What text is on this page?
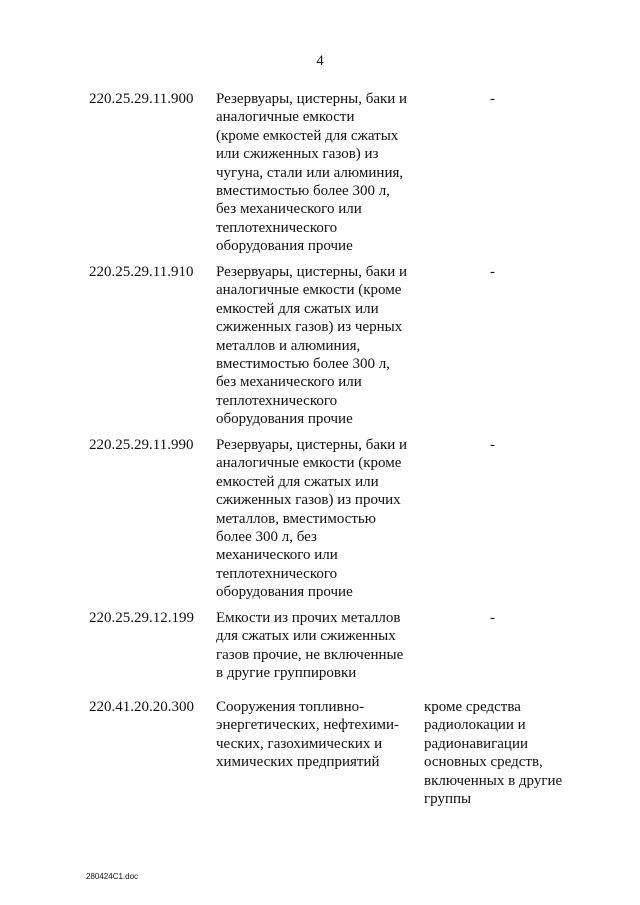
4
220.25.29.11.900 Резервуары, цистерны, баки и
аналогичные емкости
(кроме емкостей для сжатых
или сжиженных газов) из
чугуна, стали или алюминия,
вместимостью более 300 л,
без механического или
теплотехнического
оборудования прочие
-
220.25.29.11.910 Резервуары, цистерны, баки и
аналогичные емкости (кроме
емкостей для сжатых или
сжиженных газов) из черных
металлов и алюминия,
вместимостью более 300 л,
без механического или
теплотехнического
оборудования прочие
-
220.25.29.11.990 Резервуары, цистерны, баки и
аналогичные емкости (кроме
емкостей для сжатых или
сжиженных газов) из прочих
металлов, вместимостью
более 300 л, без
механического или
теплотехнического
оборудования прочие
-
220.25.29.12.199 Емкости из прочих металлов
для сжатых или сжиженных
газов прочие, не включенные
в другие группировки
-
220.41.20.20.300 Сооружения топливно-
энергетических, нефтехими-
ческих, газохимических и
химических предприятий
кроме средства
радиолокации и
радионавигации
основных средств,
включенных в другие
группы
280424C1.doc
